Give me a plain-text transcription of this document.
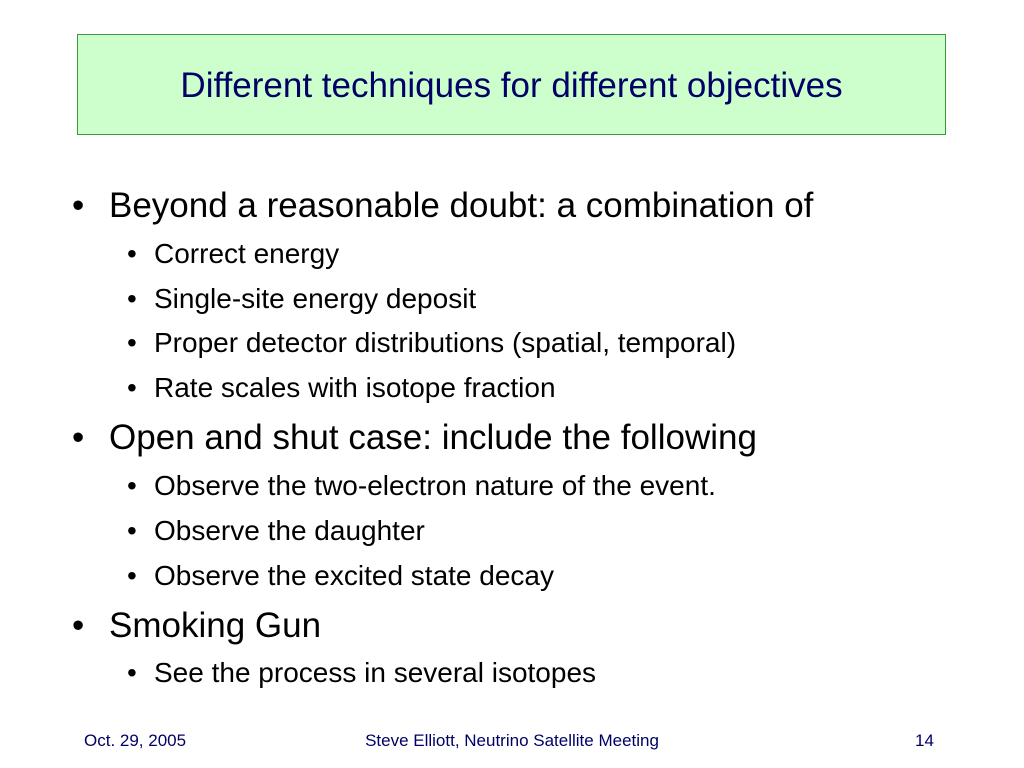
Different techniques for different objectives
• Beyond a reasonable doubt: a combination of
• Correct energy
• Single-site energy deposit
• Proper detector distributions (spatial, temporal)
• Rate scales with isotope fraction
• Open and shut case: include the following
• Observe the two-electron nature of the event.
• Observe the daughter
• Observe the excited state decay
• Smoking Gun
• See the process in several isotopes
Oct. 29, 2005	Steve Elliott, Neutrino Satellite Meeting	14
